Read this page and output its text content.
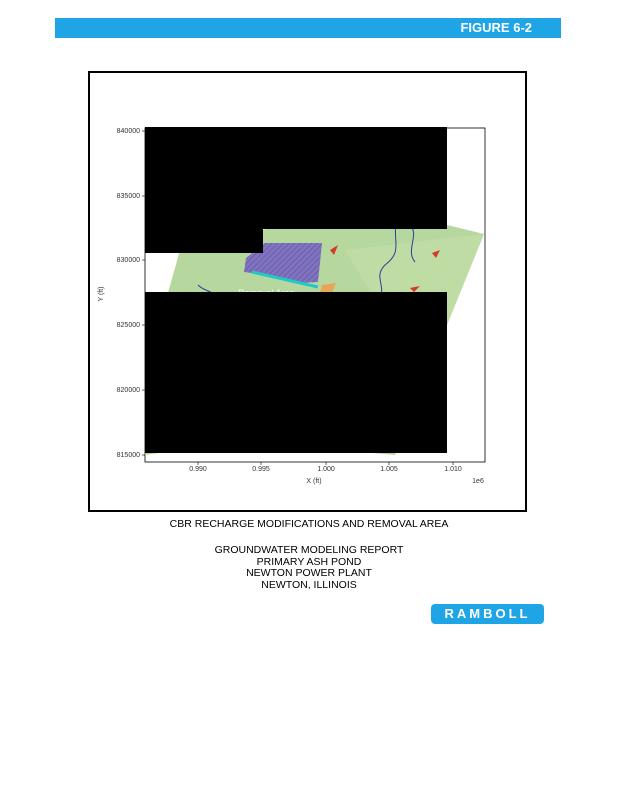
FIGURE 6-2
840000
835000
830000
825000
820000
815000
Y (ft)
0.990	0.995	1.000	1.005	1.010
X (ft)	1e6
CBR RECHARGE MODIFICATIONS AND REMOVAL AREA
GROUNDWATER MODELING REPORT
PRIMARY ASH POND
NEWTON POWER PLANT
NEWTON, ILLINOIS
RAMBOLL
